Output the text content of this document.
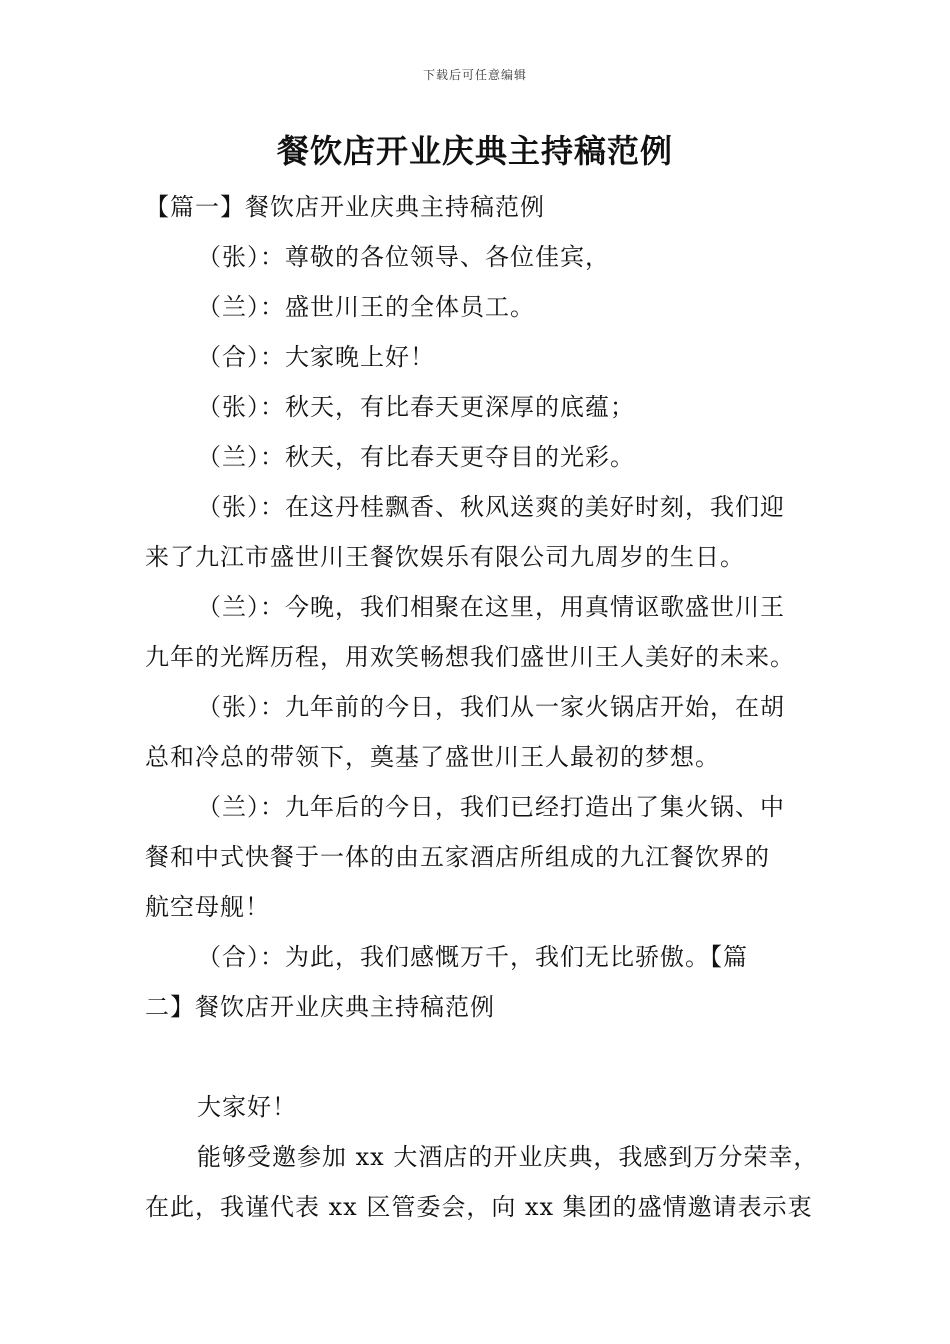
下载后可任意编辑
餐饮店开业庆典主持稿范例
【篇一】餐饮店开业庆典主持稿范例
（张）：尊敬的各位领导、各位佳宾，
（兰）：盛世川王的全体员工。
（合）：大家晚上好！
（张）：秋天，有比春天更深厚的底蕴；
（兰）：秋天，有比春天更夺目的光彩。
（张）：在这丹桂飘香、秋风送爽的美好时刻，我们迎
来了九江市盛世川王餐饮娱乐有限公司九周岁的生日。
（兰）：今晚，我们相聚在这里，用真情讴歌盛世川王
九年的光辉历程，用欢笑畅想我们盛世川王人美好的未来。
（张）：九年前的今日，我们从一家火锅店开始，在胡
总和冷总的带领下，奠基了盛世川王人最初的梦想。
（兰）：九年后的今日，我们已经打造出了集火锅、中
餐和中式快餐于一体的由五家酒店所组成的九江餐饮界的
航空母舰！
（合）：为此，我们感慨万千，我们无比骄傲。【篇
二】餐饮店开业庆典主持稿范例
大家好！
能够受邀参加 xx 大酒店的开业庆典，我感到万分荣幸，
在此，我谨代表 xx 区管委会，向 xx 集团的盛情邀请表示衷
